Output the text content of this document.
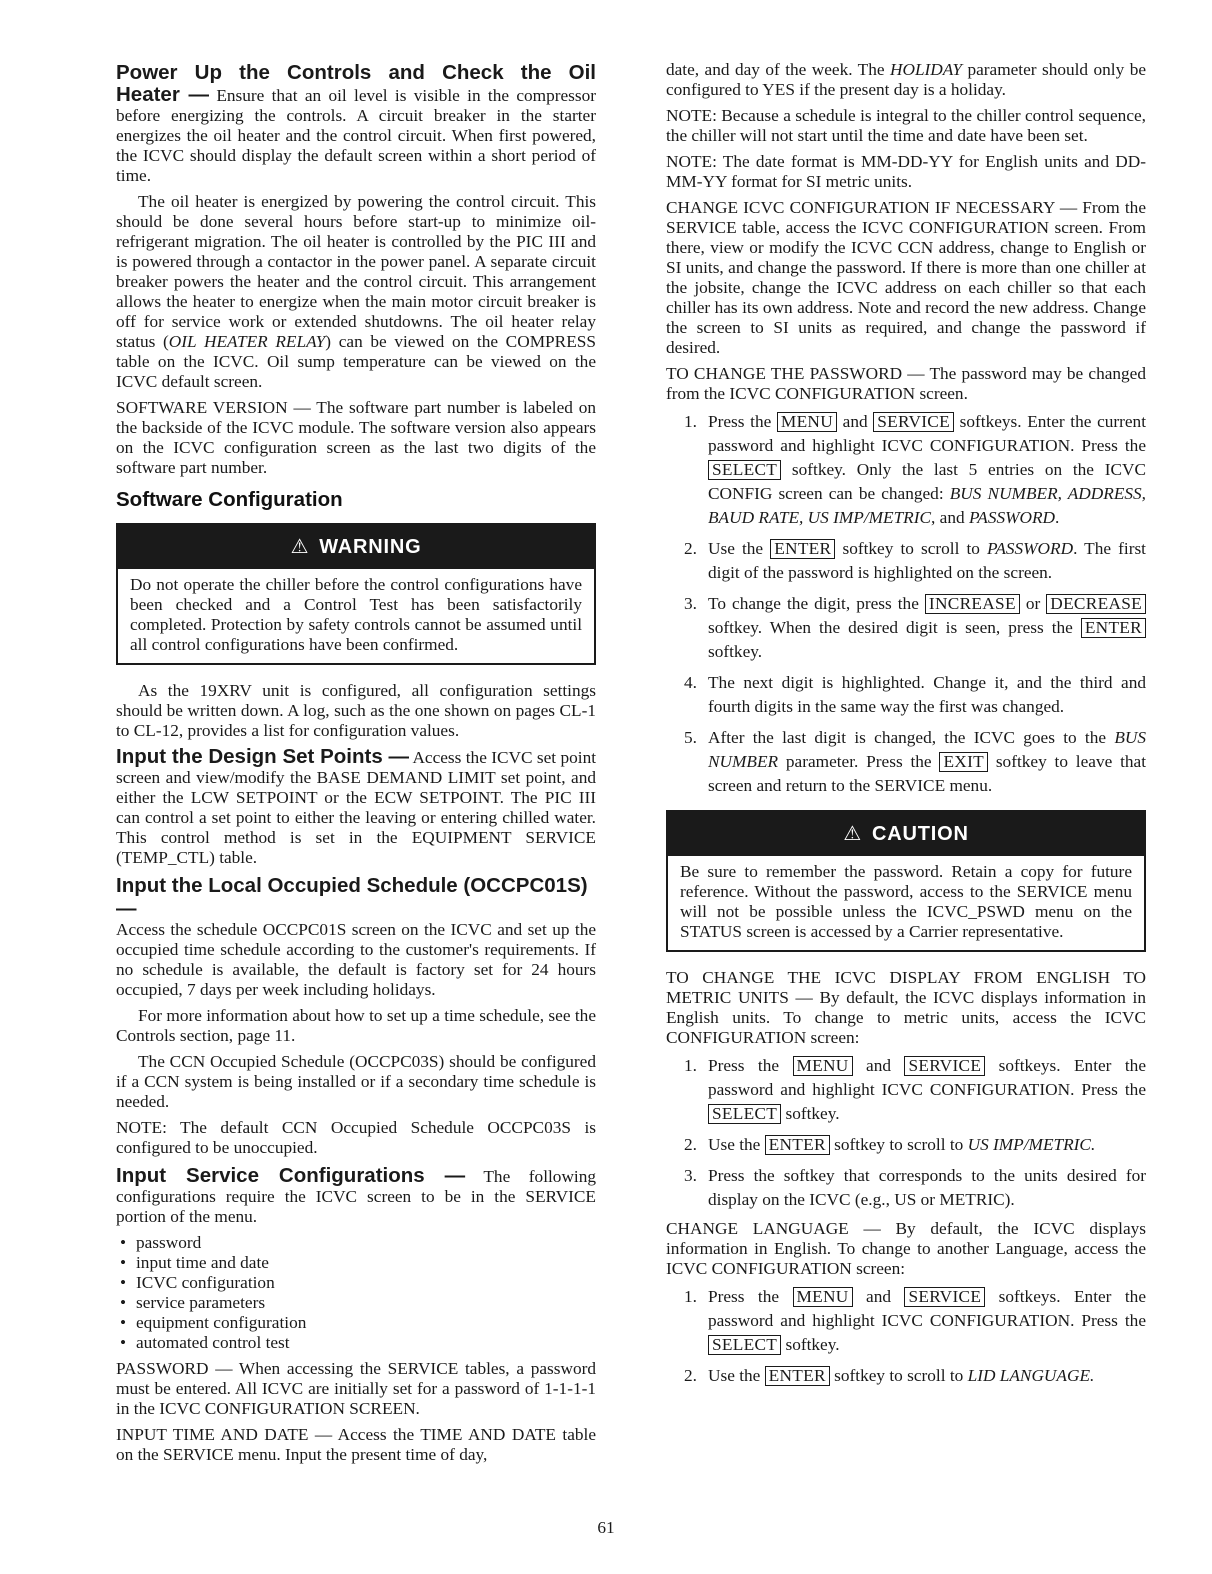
Power Up the Controls and Check the Oil

Heater — Ensure that an oil level is visible in the compressor before energizing the controls. A circuit breaker in the starter energizes the oil heater and the control circuit. When first powered, the ICVC should display the default screen within a short period of time.

The oil heater is energized by powering the control circuit. This should be done several hours before start-up to minimize oil-refrigerant migration. The oil heater is controlled by the PIC III and is powered through a contactor in the power panel. A separate circuit breaker powers the heater and the control circuit. This arrangement allows the heater to energize when the main motor circuit breaker is off for service work or extended shutdowns. The oil heater relay status (OIL HEATER RELAY) can be viewed on the COMPRESS table on the ICVC. Oil sump temperature can be viewed on the ICVC default screen.

SOFTWARE VERSION — The software part number is labeled on the backside of the ICVC module. The software version also appears on the ICVC configuration screen as the last two digits of the software part number.

Software Configuration
⚠ WARNING

Do not operate the chiller before the control configurations have been checked and a Control Test has been satisfactorily completed. Protection by safety controls cannot be assumed until all control configurations have been confirmed.

As the 19XRV unit is configured, all configuration settings should be written down. A log, such as the one shown on pages CL-1 to CL-12, provides a list for configuration values.

Input the Design Set Points — Access the ICVC set point screen and view/modify the BASE DEMAND LIMIT set point, and either the LCW SETPOINT or the ECW SETPOINT. The PIC III can control a set point to either the leaving or entering chilled water. This control method is set in the EQUIPMENT SERVICE (TEMP_CTL) table.

Input the Local Occupied Schedule (OCCPC01S) —

Access the schedule OCCPC01S screen on the ICVC and set up the occupied time schedule according to the customer's requirements. If no schedule is available, the default is factory set for 24 hours occupied, 7 days per week including holidays.

For more information about how to set up a time schedule, see the Controls section, page 11.

The CCN Occupied Schedule (OCCPC03S) should be configured if a CCN system is being installed or if a secondary time schedule is needed.

NOTE: The default CCN Occupied Schedule OCCPC03S is configured to be unoccupied.

Input Service Configurations — The following configurations require the ICVC screen to be in the SERVICE portion of the menu.

• password
• input time and date
• ICVC configuration
• service parameters
• equipment configuration
• automated control test

PASSWORD — When accessing the SERVICE tables, a password must be entered. All ICVC are initially set for a password of 1-1-1-1 in the ICVC CONFIGURATION SCREEN.

INPUT TIME AND DATE — Access the TIME AND DATE table on the SERVICE menu. Input the present time of day,

date, and day of the week. The HOLIDAY parameter should only be configured to YES if the present day is a holiday.

NOTE: Because a schedule is integral to the chiller control sequence, the chiller will not start until the time and date have been set.

NOTE: The date format is MM-DD-YY for English units and DD-MM-YY format for SI metric units.

CHANGE ICVC CONFIGURATION IF NECESSARY — From the SERVICE table, access the ICVC CONFIGURATION screen. From there, view or modify the ICVC CCN address, change to English or SI units, and change the password. If there is more than one chiller at the jobsite, change the ICVC address on each chiller so that each chiller has its own address. Note and record the new address. Change the screen to SI units as required, and change the password if desired.

TO CHANGE THE PASSWORD — The password may be changed from the ICVC CONFIGURATION screen.

1. Press the MENU and SERVICE softkeys. Enter the current password and highlight ICVC CONFIGURATION. Press the SELECT softkey. Only the last 5 entries on the ICVC CONFIG screen can be changed: BUS NUMBER, ADDRESS, BAUD RATE, US IMP/METRIC, and PASSWORD.
2. Use the ENTER softkey to scroll to PASSWORD. The first digit of the password is highlighted on the screen.
3. To change the digit, press the INCREASE or DECREASE softkey. When the desired digit is seen, press the ENTER softkey.
4. The next digit is highlighted. Change it, and the third and fourth digits in the same way the first was changed.
5. After the last digit is changed, the ICVC goes to the BUS NUMBER parameter. Press the EXIT softkey to leave that screen and return to the SERVICE menu.
⚠ CAUTION

Be sure to remember the password. Retain a copy for future reference. Without the password, access to the SERVICE menu will not be possible unless the ICVC_PSWD menu on the STATUS screen is accessed by a Carrier representative.

TO CHANGE THE ICVC DISPLAY FROM ENGLISH TO METRIC UNITS — By default, the ICVC displays information in English units. To change to metric units, access the ICVC CONFIGURATION screen:

1. Press the MENU and SERVICE softkeys. Enter the password and highlight ICVC CONFIGURATION. Press the SELECT softkey.
2. Use the ENTER softkey to scroll to US IMP/METRIC.
3. Press the softkey that corresponds to the units desired for display on the ICVC (e.g., US or METRIC).

CHANGE LANGUAGE — By default, the ICVC displays information in English. To change to another Language, access the ICVC CONFIGURATION screen:

1. Press the MENU and SERVICE softkeys. Enter the password and highlight ICVC CONFIGURATION. Press the SELECT softkey.
2. Use the ENTER softkey to scroll to LID LANGUAGE.
61
